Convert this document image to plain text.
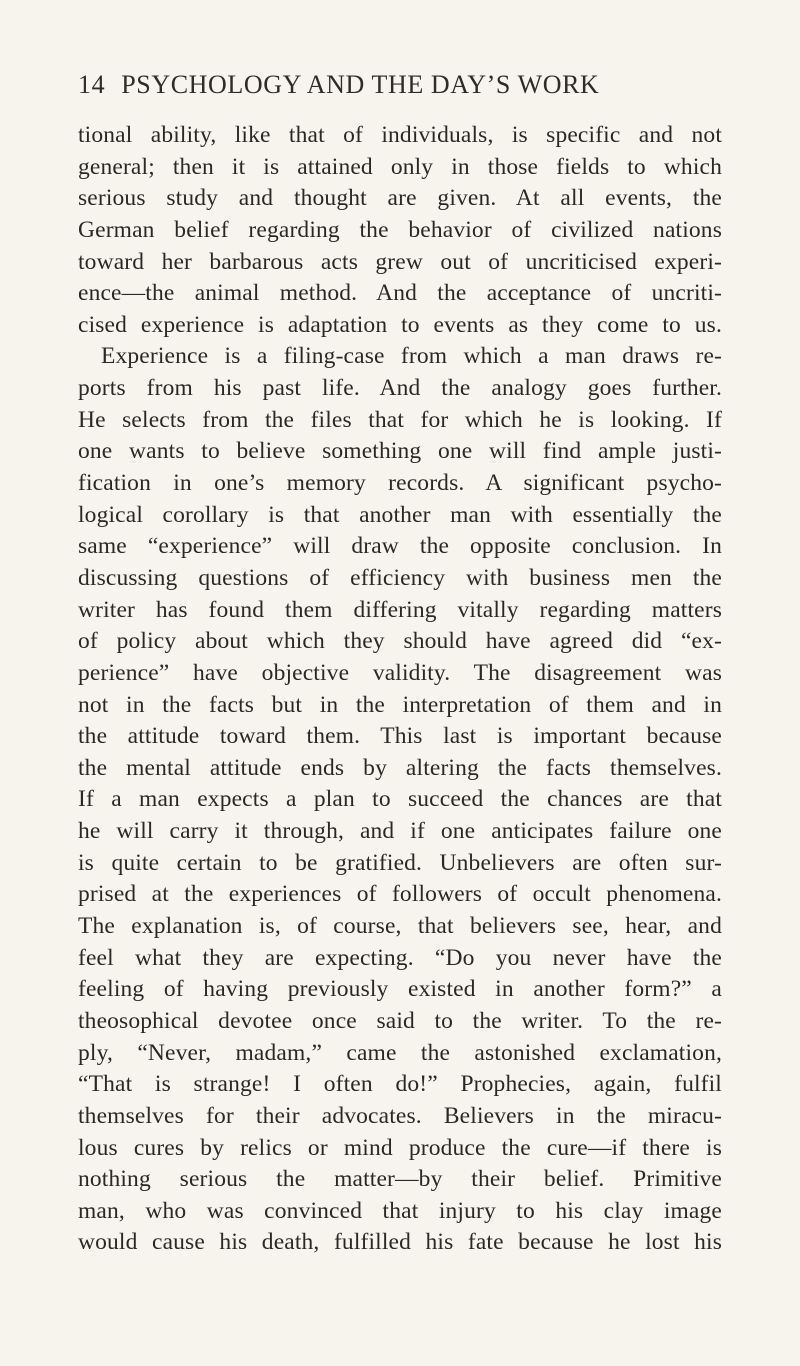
14 PSYCHOLOGY AND THE DAY’S WORK
tional ability, like that of individuals, is specific and not
general; then it is attained only in those fields to which
serious study and thought are given. At all events, the
German belief regarding the behavior of civilized nations
toward her barbarous acts grew out of uncriticised experi-
ence—the animal method. And the acceptance of uncriti-
cised experience is adaptation to events as they come to us.
Experience is a filing-case from which a man draws re-
ports from his past life. And the analogy goes further.
He selects from the files that for which he is looking. If
one wants to believe something one will find ample justi-
fication in one’s memory records. A significant psycho-
logical corollary is that another man with essentially the
same “experience” will draw the opposite conclusion. In
discussing questions of efficiency with business men the
writer has found them differing vitally regarding matters
of policy about which they should have agreed did “ex-
perience” have objective validity. The disagreement was
not in the facts but in the interpretation of them and in
the attitude toward them. This last is important because
the mental attitude ends by altering the facts themselves.
If a man expects a plan to succeed the chances are that
he will carry it through, and if one anticipates failure one
is quite certain to be gratified. Unbelievers are often sur-
prised at the experiences of followers of occult phenomena.
The explanation is, of course, that believers see, hear, and
feel what they are expecting. “Do you never have the
feeling of having previously existed in another form?” a
theosophical devotee once said to the writer. To the re-
ply, “Never, madam,” came the astonished exclamation,
“That is strange! I often do!” Prophecies, again, fulfil
themselves for their advocates. Believers in the miracu-
lous cures by relics or mind produce the cure—if there is
nothing serious the matter—by their belief. Primitive
man, who was convinced that injury to his clay image
would cause his death, fulfilled his fate because he lost his
